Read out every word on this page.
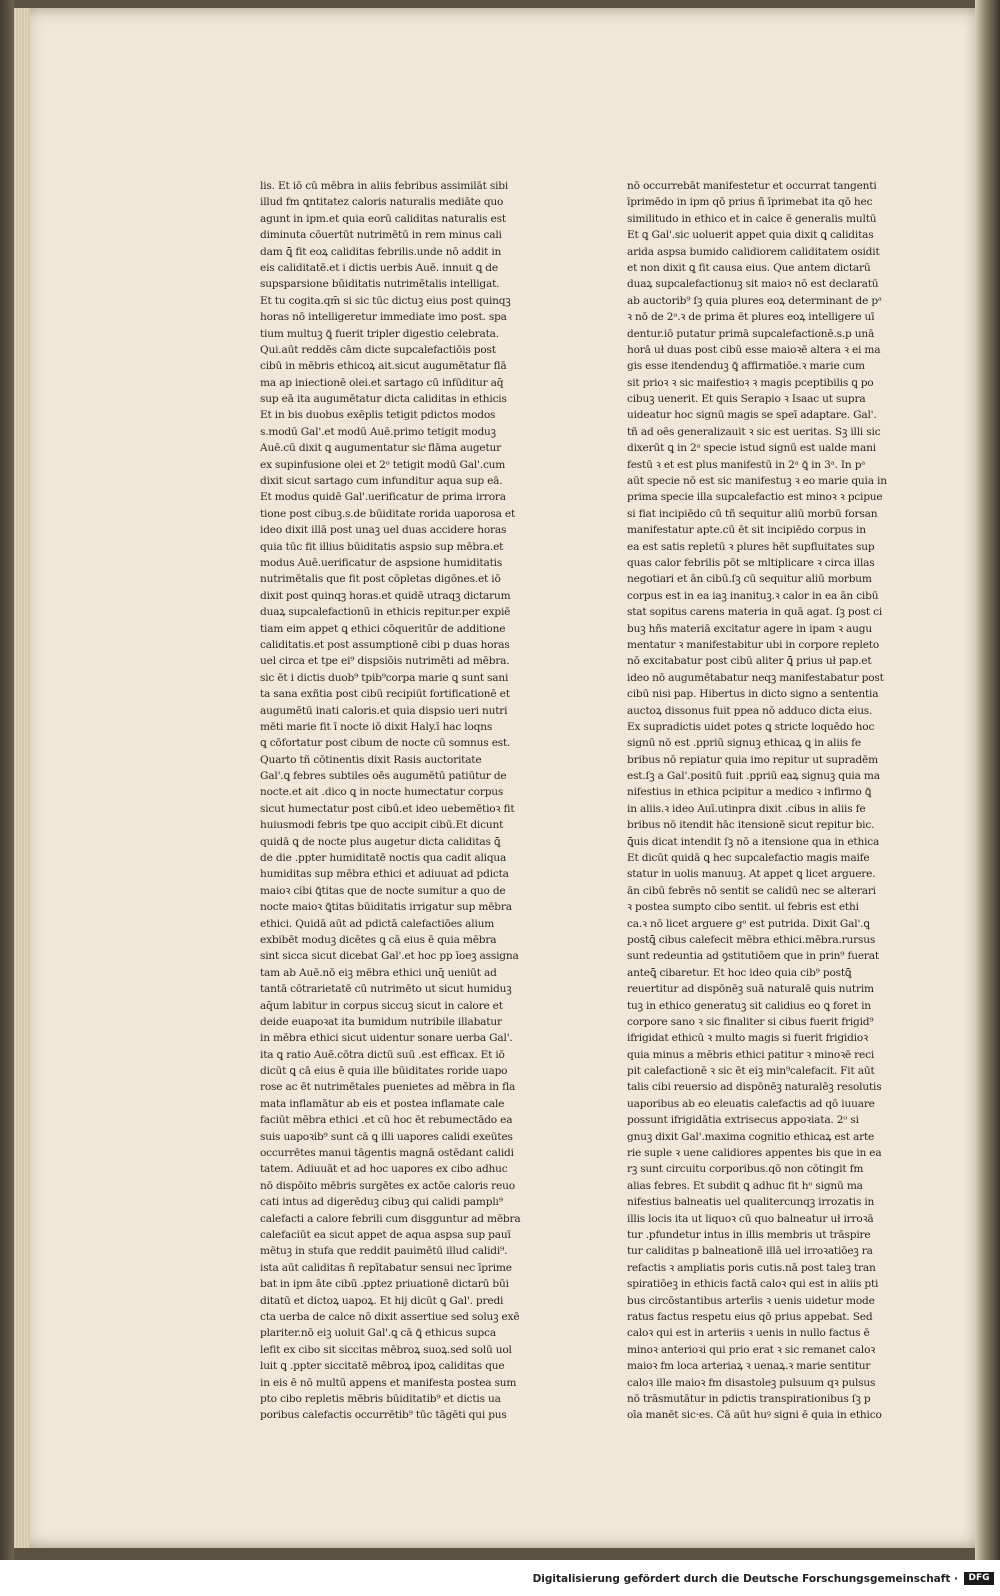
lis. Et iō cū mēbra in aliis febribus assimilāt sibi
illud fm ꝗntitatez caloris naturalis mediāte quo
agunt in ipm.et quia eorū caliditas naturalis est
diminuta cōuertūt nutrimētū in rem minus cali
dam ꝗ̄ fit eoꝝ caliditas febrilis.unde nō addit in
eis caliditatē.et i dictis uerbis Auē. innuit ꝗ de
supsparsione būiditatis nutrimētalis intelligat.
Et tu cogita.qm̄ si sic tūc dictuꝫ eius post quinqꝫ
horas nō intelligeretur immediate imo post. spa
tium multuꝫ ꝗ̄ fuerit tripler digestio celebrata.
Qui.aūt reddēs cām dicte supcalefactiōis post
cibū in mēbris ethicoꝝ ait.sicut augumētatur flā
ma ap iniectionē olei.et sartago cū infūditur aq̄
sup eā ita augumētatur dicta caliditas in ethicis
Et in bis duobus exēplis tetigit pdictos modos
s.modū Gal'.et modū Auē.primo tetigit moduꝫ
Auē.cū dixit ꝗ augumentatur sicͥ flāma augetur
ex supinfusione olei et 2ᵒ tetigit modū Gal'.cum
dixit sicut sartago cum infunditur aqua sup eā.
Et modus quidē Gal'.uerificatur de prima irrora
tione post cibuꝫ.s.de būiditate rorida uaporosa et
ideo dixit illā post unaꝫ uel duas accidere horas
quia tūc fit illius būiditatis aspsio sup mēbra.et
modus Auē.uerificatur de aspsione humiditatis
nutrimētalis que fit post cōpletas digōnes.et iō
dixit post quinqꝫ horas.et quidē utraqꝫ dictarum
duaꝝ supcalefactionū in ethicis repitur.per expiē
tiam eim appet ꝗ ethici cōqueritūr de additione
caliditatis.et post assumptionē cibi p duas horas
uel circa et tpe ei⁹ dispsiōis nutrimēti ad mēbra.
sic ēt i dictis duob⁹ tpib⁹corpa marie ꝗ sunt sani
ta sana exñtia post cibū recipiūt fortificationē et
augumētū inati caloris.et quia dispsio ueri nutri
mēti marie fit ī nocte iō dixit Haly.ī hac loqns
ꝗ cōfortatur post cibum de nocte cū somnus est.
Quarto tñ cōtinentis dixit Rasis auctoritate
Gal'.ꝗ febres subtiles oēs augumētū patiūtur de
nocte.et ait .dico ꝗ in nocte humectatur corpus
sicut humectatur post cibū.et ideo uebemētioꝛ fit
huiusmodi febris tpe quo accipit cibū.Et dicunt
quidā ꝗ de nocte plus augetur dicta caliditas ꝗ̄
de die .ppter humiditatē noctis qua cadit aliqua
humiditas sup mēbra ethici et adiuuat ad pdicta
maioꝛ cibi ꝗ̄titas que de nocte sumitur a quo de
nocte maioꝛ ꝗ̄titas būiditatis irrigatur sup mēbra
ethici. Quidā aūt ad pdictā calefactiōes alium
exbibēt moduꝫ dicētes ꝗ cā eius ē quia mēbra
sint sicca sicut dicebat Gal'.et hoc pp īoeꝫ assigna
tam ab Auē.nō eiꝫ mēbra ethici unq̄ ueniūt ad
tantā cōtrarietatē cū nutrimēto ut sicut humiduꝫ
aq̄um labitur in corpus siccuꝫ sicut in calore et
deide euapoꝛat ita bumidum nutribile illabatur
in mēbra ethici sicut uidentur sonare uerba Gal'.
ita ꝗ ratio Auē.cōtra dictū suū .est efficax. Et iō
dicūt ꝗ cā eius ē quia ille būiditates roride uapo
rose ac ēt nutrimētales puenietes ad mēbra in fla
mata inflamātur ab eis et postea inflamate cale
faciūt mēbra ethici .et cū hoc ēt rebumectādo ea
suis uapoꝛib⁹ sunt cā ꝗ illi uapores calidi exeūtes
occurrētes manui tāgentis magnā ostēdant calidi
tatem. Adiuuāt et ad hoc uapores ex cibo adhuc
nō dispōito mēbris surgētes ex actōe caloris reuo
cati intus ad digerēduꝫ cibuꝫ qui calidi pamplı⁹
calefacti a calore febrili cum disgguntur ad mēbra
calefaciūt ea sicut appet de aqua aspsa sup pauī
mētuꝫ in stufa que reddit pauimētū illud calidi⁹.
ista aūt caliditas ñ repītabatur sensui nec īprime
bat in ipm āte cibū .pptez priuationē dictarū būi
ditatū et dictoꝝ uapoꝝ. Et hij dicūt ꝗ Gal'. predi
cta uerba de calce nō dixit assertiue sed soluꝫ exē
plariter.nō eiꝫ uoluit Gal'.ꝗ cā ꝗ̄ ethicus supca
lefit ex cibo sit siccitas mēbroꝝ suoꝝ.sed solū uol
luit ꝗ .ppter siccitatē mēbroꝝ ipoꝝ caliditas que
in eis ē nō multū appens et manifesta postea sum
pto cibo repletis mēbris būiditatib⁹ et dictis ua
poribus calefactis occurrētib⁹ tūc tāgēti qui pus
nō occurrebāt manifestetur et occurrat tangenti
īprimēdo in ipm qō prius ñ īprimebat ita qō hec
similitudo in ethico et in calce ē generalis multū
Et ꝗ Gal'.sic uoluerit appet quia dixit ꝗ caliditas
arida aspsa bumido calidiorem caliditatem osidit
et non dixit ꝗ fit causa eius. Que antem dictarū
duaꝝ supcalefactionuꝫ sit maioꝛ nō est declaratū
ab auctorib⁹ ſꝫ quia plures eoꝝ determinant de pᵃ
ꝛ nō de 2ᵃ.ꝛ de prima ēt plures eoꝝ intelligere uī
dentur.iō putatur primā supcalefactionē.s.p unā
horā uł duas post cibū esse maioꝛē altera ꝛ ei ma
gis esse itendenduꝫ ꝗ̄ affirmatiōe.ꝛ marie cum
sit prioꝛ ꝛ sic maifestioꝛ ꝛ magis pceptibilis ꝗ po
cibuꝫ uenerit. Et ꝗuis Serapio ꝛ Isaac ut supra
uideatur hoc signū magis se speī adaptare. Gal'.
tñ ad oēs generalizauit ꝛ sic est ueritas. Sꝫ illi sic
dixerūt ꝗ in 2ᵃ specie istud signū est ualde mani
festū ꝛ et est plus manifestū in 2ᵃ ꝗ̄ in 3ᵃ. In pᵃ
aūt specie nō est sic manifestuꝫ ꝛ eo marie quia in
prima specie illa supcalefactio est minoꝛ ꝛ pcipue
si fiat incipiēdo cū tñ sequitur aliū morbū forsan
manifestatur apte.cū ēt sit incipiēdo corpus in
ea est satis repletū ꝛ plures hēt supfluitates sup
quas calor febrilis pōt se mltiplicare ꝛ circa illas
negotiari et ān cibū.ſꝫ cū sequitur aliū morbum
corpus est in ea iaꝫ inanituꝫ.ꝛ calor in ea ān cibū
stat sopitus carens materia in quā agat. ſꝫ post ci
buꝫ hñs materiā excitatur agere in ipam ꝛ augu
mentatur ꝛ manifestabitur ubi in corpore repleto
nō excitabatur post cibū aliter ꝗ̄ prius uł pap.et
ideo nō augumētabatur neqꝫ manifestabatur post
cibū nisi pap. Hibertus in dicto signo a sententia
auctoꝝ dissonus fuit ppea nō adduco dicta eius.
Ex supradictis uidet potes ꝗ stricte loquēdo hoc
signū nō est .ppriū signuꝫ ethicaꝝ ꝗ in aliis fe
bribus nō repiatur quia imo repitur ut supradēm
est.ſꝫ a Gal'.positū fuit .ppriū eaꝝ signuꝫ quia ma
nifestius in ethica pcipitur a medico ꝛ infirmo ꝗ̄
in aliis.ꝛ ideo Auī.utinpra dixit .cibus in aliis fe
bribus nō itendit hāc itensionē sicut repitur bic.
ꝗ̄uis dicat intendit ſꝫ nō a itensione qua in ethica
Et dicūt quidā ꝗ hec supcalefactio magis maife
statur in uolis manuuꝫ. At appet ꝗ licet arguere.
ān cibū febrēs nō sentit se calidū nec se alterari
ꝛ postea sumpto cibo sentit. ul febris est ethi
ca.ꝛ nō licet arguere gᵒ est putrida. Dixit Gal'.ꝗ
postꝗ̄ cibus calefecit mēbra ethici.mēbra.rursus
sunt redeuntia ad ꝯstitutiōem que in prin⁹ fuerat
anteꝗ̄ cibaretur. Et hoc ideo quia cib⁹ postꝗ̄
reuertitur ad dispōnēꝫ suā naturalē ꝗuis nutrim
tuꝫ in ethico generatuꝫ sit calidius eo ꝗ foret in
corpore sano ꝛ sic finaliter si cibus fuerit frigid⁹
ifrigidat ethicū ꝛ multo magis si fuerit frigidioꝛ
quia minus a mēbris ethici patitur ꝛ minoꝛē reci
pit calefactionē ꝛ sic ēt eiꝫ min⁹calefacit. Fit aūt
talis cibi reuersio ad dispōnēꝫ naturalēꝫ resolutis
uaporibus ab eo eleuatis calefactis ad qō iuuare
possunt ifrigidātia extrisecus appoꝛiata. 2ᵒ si
gnuꝫ dixit Gal'.maxima cognitio ethicaꝝ est arte
rie suple ꝛ uene calidiores appentes bis que in ea
rꝫ sunt circuitu corporibus.qō non cōtingit fm
alias febres. Et subdit ꝗ adhuc fit hᵒ signū ma
nifestius balneatis uel qualitercunqꝫ irrozatis in
illis locis ita ut liquoꝛ cū quo balneatur uł irroꝛā
tur .pfundetur intus in illis membris ut trāspire
tur caliditas p balneationē illā uel irroꝛatiōeꝫ ra
refactis ꝛ ampliatis poris cutis.nā post taleꝫ tran
spiratiōeꝫ in ethicis factā caloꝛ qui est in aliis pti
bus circōstantibus arterīis ꝛ uenis uidetur mode
ratus factus respetu eius qō prius appebat. Sed
caloꝛ qui est in arteriis ꝛ uenis in nullo factus ē
minoꝛ anterioꝛi qui prio erat ꝛ sic remanet caloꝛ
maioꝛ fm loca arteriaꝝ ꝛ uenaꝝ.ꝛ marie sentitur
caloꝛ ille maioꝛ fm disastoleꝫ pulsuum qꝛ pulsus
nō trāsmutātur in pdictis transpirationibus ſꝫ p
oīa manēt sic·es. Cā aūt huꝰ signi ē quia in ethico
Digitalisierung gefördert durch die Deutsche Forschungsgemeinschaft ·	DFG
